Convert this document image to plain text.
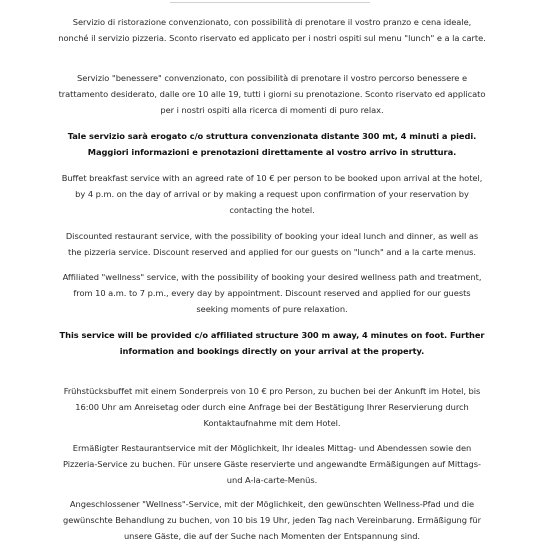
Servizio di ristorazione convenzionato, con possibilità di prenotare il vostro pranzo e cena ideale, nonché il servizio pizzeria. Sconto riservato ed applicato per i nostri ospiti sul menu "lunch" e a la carte.

Servizio "benessere" convenzionato, con possibilità di prenotare il vostro percorso benessere e trattamento desiderato, dalle ore 10 alle 19, tutti i giorni su prenotazione. Sconto riservato ed applicato per i nostri ospiti alla ricerca di momenti di puro relax.

Tale servizio sarà erogato c/o struttura convenzionata distante 300 mt, 4 minuti a piedi. Maggiori informazioni e prenotazioni direttamente al vostro arrivo in struttura.

Buffet breakfast service with an agreed rate of 10 € per person to be booked upon arrival at the hotel, by 4 p.m. on the day of arrival or by making a request upon confirmation of your reservation by contacting the hotel.

Discounted restaurant service, with the possibility of booking your ideal lunch and dinner, as well as the pizzeria service. Discount reserved and applied for our guests on "lunch" and a la carte menus.

Affiliated "wellness" service, with the possibility of booking your desired wellness path and treatment, from 10 a.m. to 7 p.m., every day by appointment. Discount reserved and applied for our guests seeking moments of pure relaxation.

This service will be provided c/o affiliated structure 300 m away, 4 minutes on foot. Further information and bookings directly on your arrival at the property.

Frühstücksbuffet mit einem Sonderpreis von 10 € pro Person, zu buchen bei der Ankunft im Hotel, bis 16:00 Uhr am Anreisetag oder durch eine Anfrage bei der Bestätigung Ihrer Reservierung durch Kontaktaufnahme mit dem Hotel.

Ermäßigter Restaurantservice mit der Möglichkeit, Ihr ideales Mittag- und Abendessen sowie den Pizzeria-Service zu buchen. Für unsere Gäste reservierte und angewandte Ermäßigungen auf Mittags- und A-la-carte-Menüs.

Angeschlossener "Wellness"-Service, mit der Möglichkeit, den gewünschten Wellness-Pfad und die gewünschte Behandlung zu buchen, von 10 bis 19 Uhr, jeden Tag nach Vereinbarung. Ermäßigung für unsere Gäste, die auf der Suche nach Momenten der Entspannung sind.
